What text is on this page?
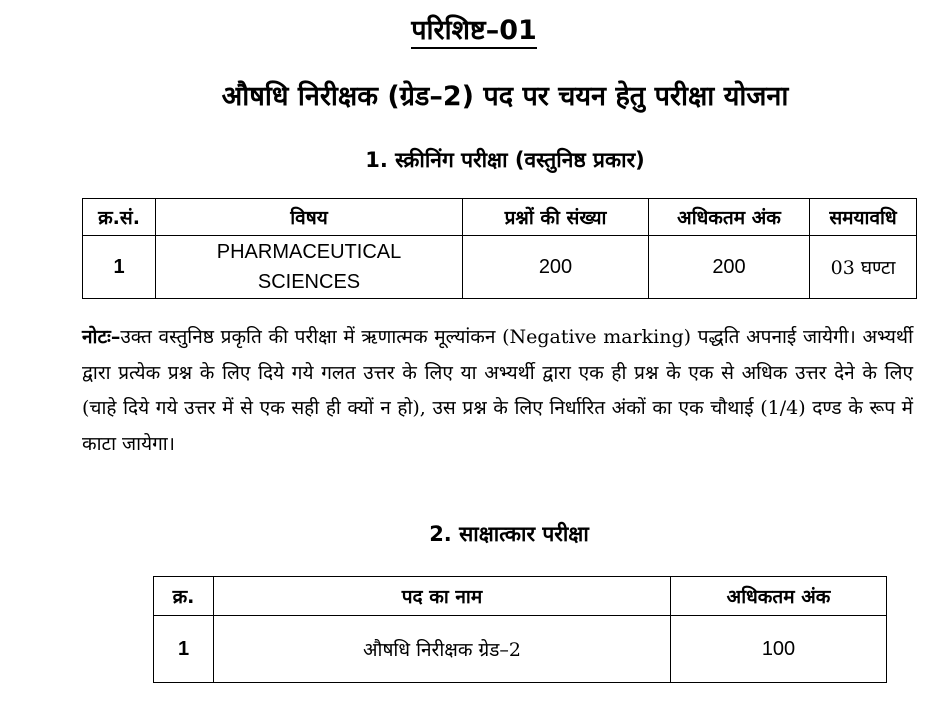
परिशिष्ट–01
औषधि निरीक्षक (ग्रेड–2) पद पर चयन हेतु परीक्षा योजना
1. स्क्रीनिंग परीक्षा (वस्तुनिष्ठ प्रकार)
क्र.सं.	विषय	प्रश्नों की संख्या	अधिकतम अंक	समयावधि
1	PHARMACEUTICAL SCIENCES	200	200	03 घण्टा
नोटः–उक्त वस्तुनिष्ठ प्रकृति की परीक्षा में ऋणात्मक मूल्यांकन (Negative marking) पद्धति अपनाई जायेगी। अभ्यर्थी द्वारा प्रत्येक प्रश्न के लिए दिये गये गलत उत्तर के लिए या अभ्यर्थी द्वारा एक ही प्रश्न के एक से अधिक उत्तर देने के लिए (चाहे दिये गये उत्तर में से एक सही ही क्यों न हो), उस प्रश्न के लिए निर्धारित अंकों का एक चौथाई (1/4) दण्ड के रूप में काटा जायेगा।
2. साक्षात्कार परीक्षा
क्र.	पद का नाम	अधिकतम अंक
1	औषधि निरीक्षक ग्रेड–2	100
